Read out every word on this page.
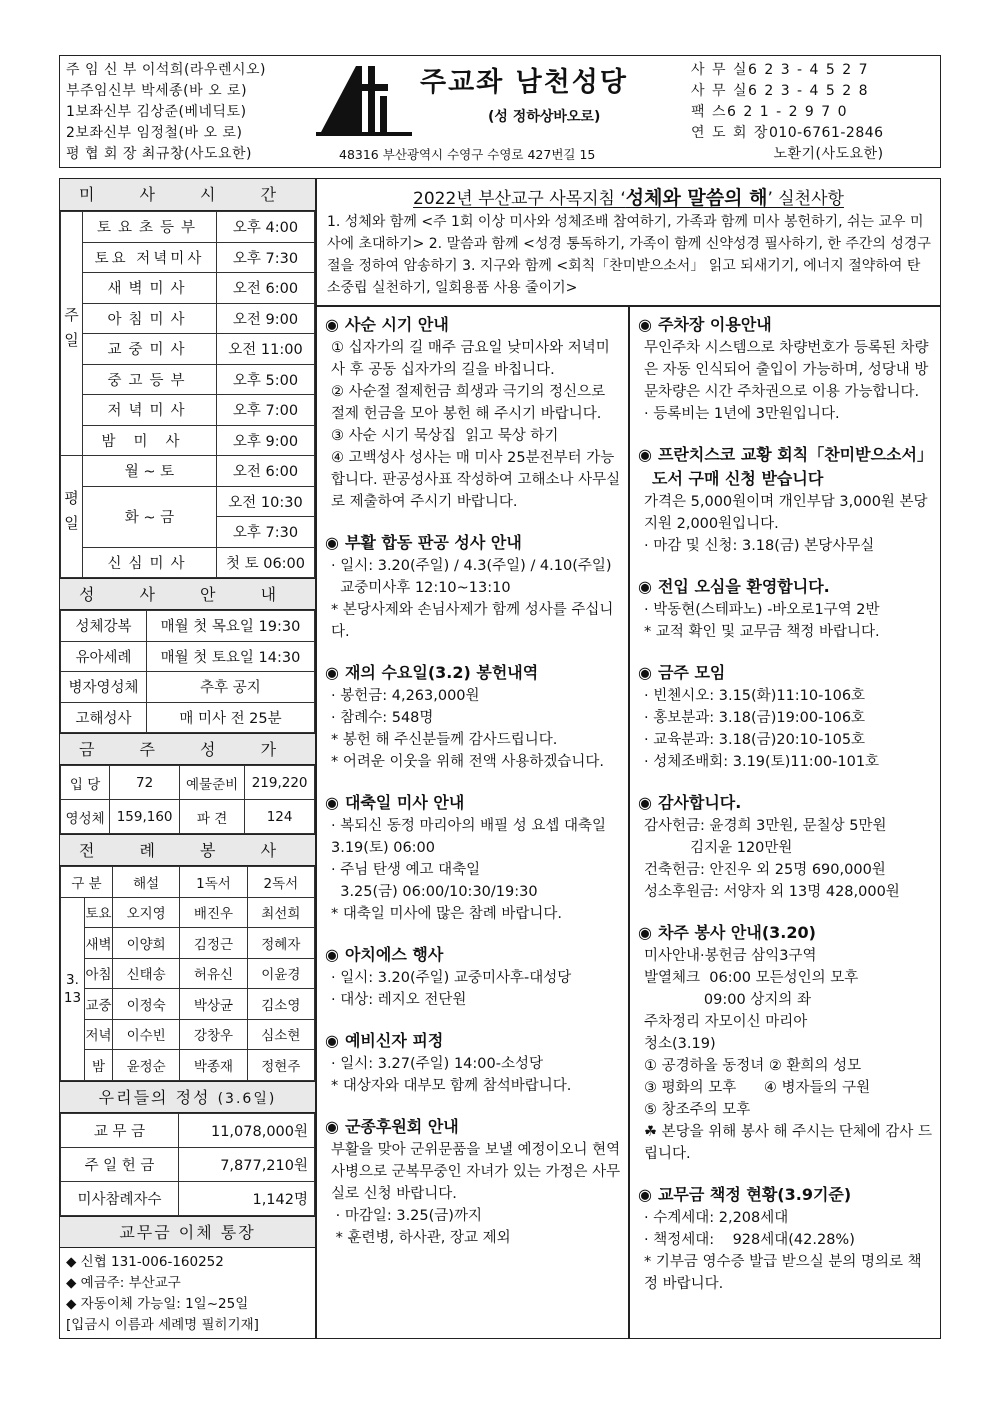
주 임 신 부 이석희(라우렌시오)
부주임신부 박세종(바 오 로)
1보좌신부 김상준(베네딕토)
2보좌신부 임정철(바 오 로)
평 협 회 장 최규창(사도요한)
주교좌 남천성당
(성 정하상바오로)
48316 부산광역시 수영구 수영로 427번길 15
사 무 실6 2 3 - 4 5 2 7
사 무 실6 2 3 - 4 5 2 8
팩 스6 2 1 - 2 9 7 0
연 도 회 장010-6761-2846
노환기(사도요한)
미 사 시 간
주일	토요초등부	오후 4:00
	토요 저녁미사	오후 7:30
	새벽미사	오전 6:00
	아침미사	오전 9:00
	교중미사	오전 11:00
	중고등부	오후 5:00
	저녁미사	오후 7:00
	밤미사	오후 9:00
평일	월 ~ 토	오전 6:00
	화 ~ 금	오전 10:30
		오후 7:30
	신심미사	첫 토 06:00
성 사 안 내
성체강복	매월 첫 목요일 19:30
유아세례	매월 첫 토요일 14:30
병자영성체	추후 공지
고해성사	매 미사 전 25분
금 주 성 가
입 당	72	예물준비	219,220
영성체	159,160	파 견	124
전 례 봉 사
구 분		해설	1독서	2독서
3.
13	토요	오지영	배진우	최선희
	새벽	이양희	김정근	정혜자
	아침	신태송	허유신	이윤경
	교중	이정숙	박상균	김소영
	저녁	이수빈	강창우	심소현
	밤	윤정순	박종재	정현주
우리들의 정성 (3.6일)
교 무 금	11,078,000원
주 일 헌 금	7,877,210원
미사참례자수	1,142명
교무금 이체 통장
◆ 신협 131-006-160252
◆ 예금주: 부산교구
◆ 자동이체 가능일: 1일~25일
[입금시 이름과 세례명 필히기재]
2022년 부산교구 사목지침 ‘성체와 말씀의 해’ 실천사항
1. 성체와 함께 <주 1회 이상 미사와 성체조배 참여하기, 가족과 함께 미사 봉헌하기, 쉬는 교우 미사에 초대하기> 2. 말씀과 함께 <성경 통독하기, 가족이 함께 신약성경 필사하기, 한 주간의 성경구절을 정하여 암송하기 3. 지구와 함께 <회칙「찬미받으소서」 읽고 되새기기, 에너지 절약하여 탄소중립 실천하기, 일회용품 사용 줄이기>
◉ 사순 시기 안내
① 십자가의 길 매주 금요일 낮미사와 저녁미사 후 공동 십자가의 길을 바칩니다.
② 사순절 절제헌금 희생과 극기의 정신으로 절제 헌금을 모아 봉헌 해 주시기 바랍니다.
③ 사순 시기 묵상집  읽고 묵상 하기
④ 고백성사 성사는 매 미사 25분전부터 가능 합니다. 판공성사표 작성하여 고해소나 사무실로 제출하여 주시기 바랍니다.
◉ 부활 합동 판공 성사 안내
· 일시: 3.20(주일) / 4.3(주일) / 4.10(주일)
교중미사후 12:10~13:10
* 본당사제와 손님사제가 함께 성사를 주십니다.
◉ 재의 수요일(3.2) 봉헌내역
· 봉헌금: 4,263,000원
· 참례수: 548명
* 봉헌 해 주신분들께 감사드립니다.
* 어려운 이웃을 위해 전액 사용하겠습니다.
◉ 대축일 미사 안내
· 복되신 동정 마리아의 배필 성 요셉 대축일 3.19(토) 06:00
· 주님 탄생 예고 대축일
3.25(금) 06:00/10:30/19:30
* 대축일 미사에 많은 참례 바랍니다.
◉ 아치에스 행사
· 일시: 3.20(주일) 교중미사후-대성당
· 대상: 레지오 전단원
◉ 예비신자 피정
· 일시: 3.27(주일) 14:00-소성당
* 대상자와 대부모 함께 참석바랍니다.
◉ 군종후원회 안내
부활을 맞아 군위문품을 보낼 예정이오니 현역사병으로 군복무중인 자녀가 있는 가정은 사무실로 신청 바랍니다.
· 마감일: 3.25(금)까지
* 훈련병, 하사관, 장교 제외
◉ 주차장 이용안내
무인주차 시스템으로 차량번호가 등록된 차량은 자동 인식되어 출입이 가능하며, 성당내 방문차량은 시간 주차권으로 이용 가능합니다.
· 등록비는 1년에 3만원입니다.
◉ 프란치스코 교황 회칙「찬미받으소서」
도서 구매 신청 받습니다
가격은 5,000원이며 개인부담 3,000원 본당지원 2,000원입니다.
· 마감 및 신청: 3.18(금) 본당사무실
◉ 전입 오심을 환영합니다.
· 박동현(스테파노) -바오로1구역 2반
* 교적 확인 및 교무금 책정 바랍니다.
◉ 금주 모임
· 빈첸시오: 3.15(화)11:10-106호
· 홍보분과: 3.18(금)19:00-106호
· 교육분과: 3.18(금)20:10-105호
· 성체조배회: 3.19(토)11:00-101호
◉ 감사합니다.
감사헌금: 윤경희 3만원, 문칠상 5만원
김지윤 120만원
건축헌금: 안진우 외 25명 690,000원
성소후원금: 서양자 외 13명 428,000원
◉ 차주 봉사 안내(3.20)
미사안내·봉헌금 삼익3구역
발열체크  06:00 모든성인의 모후
09:00 상지의 좌
주차정리 자모이신 마리아
청소(3.19)
① 공경하올 동정녀 ② 환희의 성모
③ 평화의 모후      ④ 병자들의 구원
⑤ 창조주의 모후
☘ 본당을 위해 봉사 해 주시는 단체에 감사 드립니다.
◉ 교무금 책정 현황(3.9기준)
· 수계세대: 2,208세대
· 책정세대:    928세대(42.28%)
* 기부금 영수증 발급 받으실 분의 명의로 책정 바랍니다.
